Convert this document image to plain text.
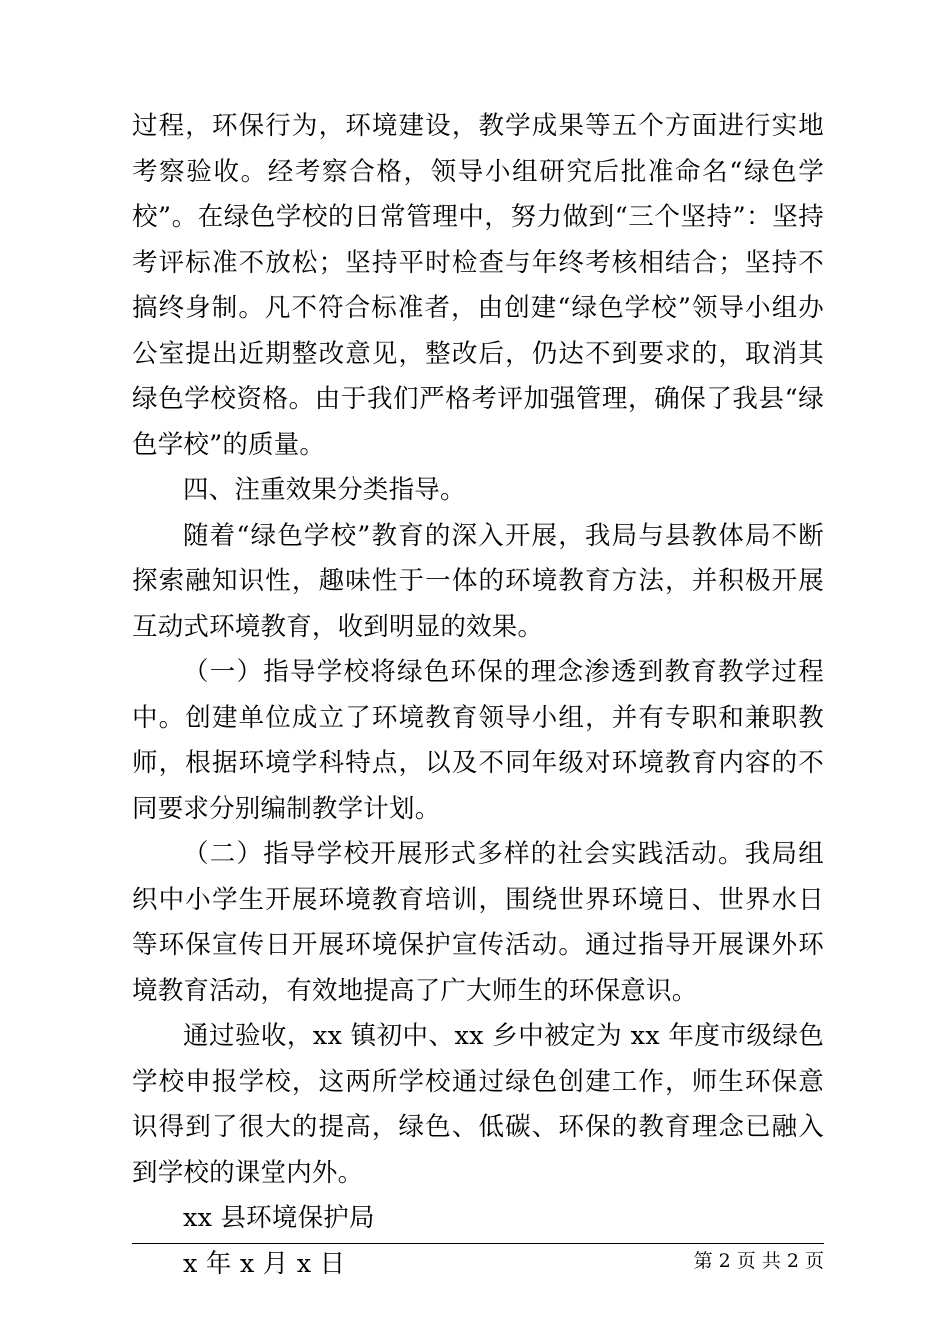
过程，环保行为，环境建设，教学成果等五个方面进行实地考察验收。经考察合格，领导小组研究后批准命名“绿色学校”。在绿色学校的日常管理中，努力做到“三个坚持”：坚持考评标准不放松；坚持平时检查与年终考核相结合；坚持不搞终身制。凡不符合标准者，由创建“绿色学校”领导小组办公室提出近期整改意见，整改后，仍达不到要求的，取消其绿色学校资格。由于我们严格考评加强管理，确保了我县“绿色学校”的质量。

四、注重效果分类指导。

随着“绿色学校”教育的深入开展，我局与县教体局不断探索融知识性，趣味性于一体的环境教育方法，并积极开展互动式环境教育，收到明显的效果。

（一）指导学校将绿色环保的理念渗透到教育教学过程中。创建单位成立了环境教育领导小组，并有专职和兼职教师，根据环境学科特点，以及不同年级对环境教育内容的不同要求分别编制教学计划。

（二）指导学校开展形式多样的社会实践活动。我局组织中小学生开展环境教育培训，围绕世界环境日、世界水日等环保宣传日开展环境保护宣传活动。通过指导开展课外环境教育活动，有效地提高了广大师生的环保意识。

通过验收，xx 镇初中、xx 乡中被定为 xx 年度市级绿色学校申报学校，这两所学校通过绿色创建工作，师生环保意识得到了很大的提高，绿色、低碳、环保的教育理念已融入到学校的课堂内外。

xx 县环境保护局

x 年 x 月 x 日	第 2 页 共 2 页
